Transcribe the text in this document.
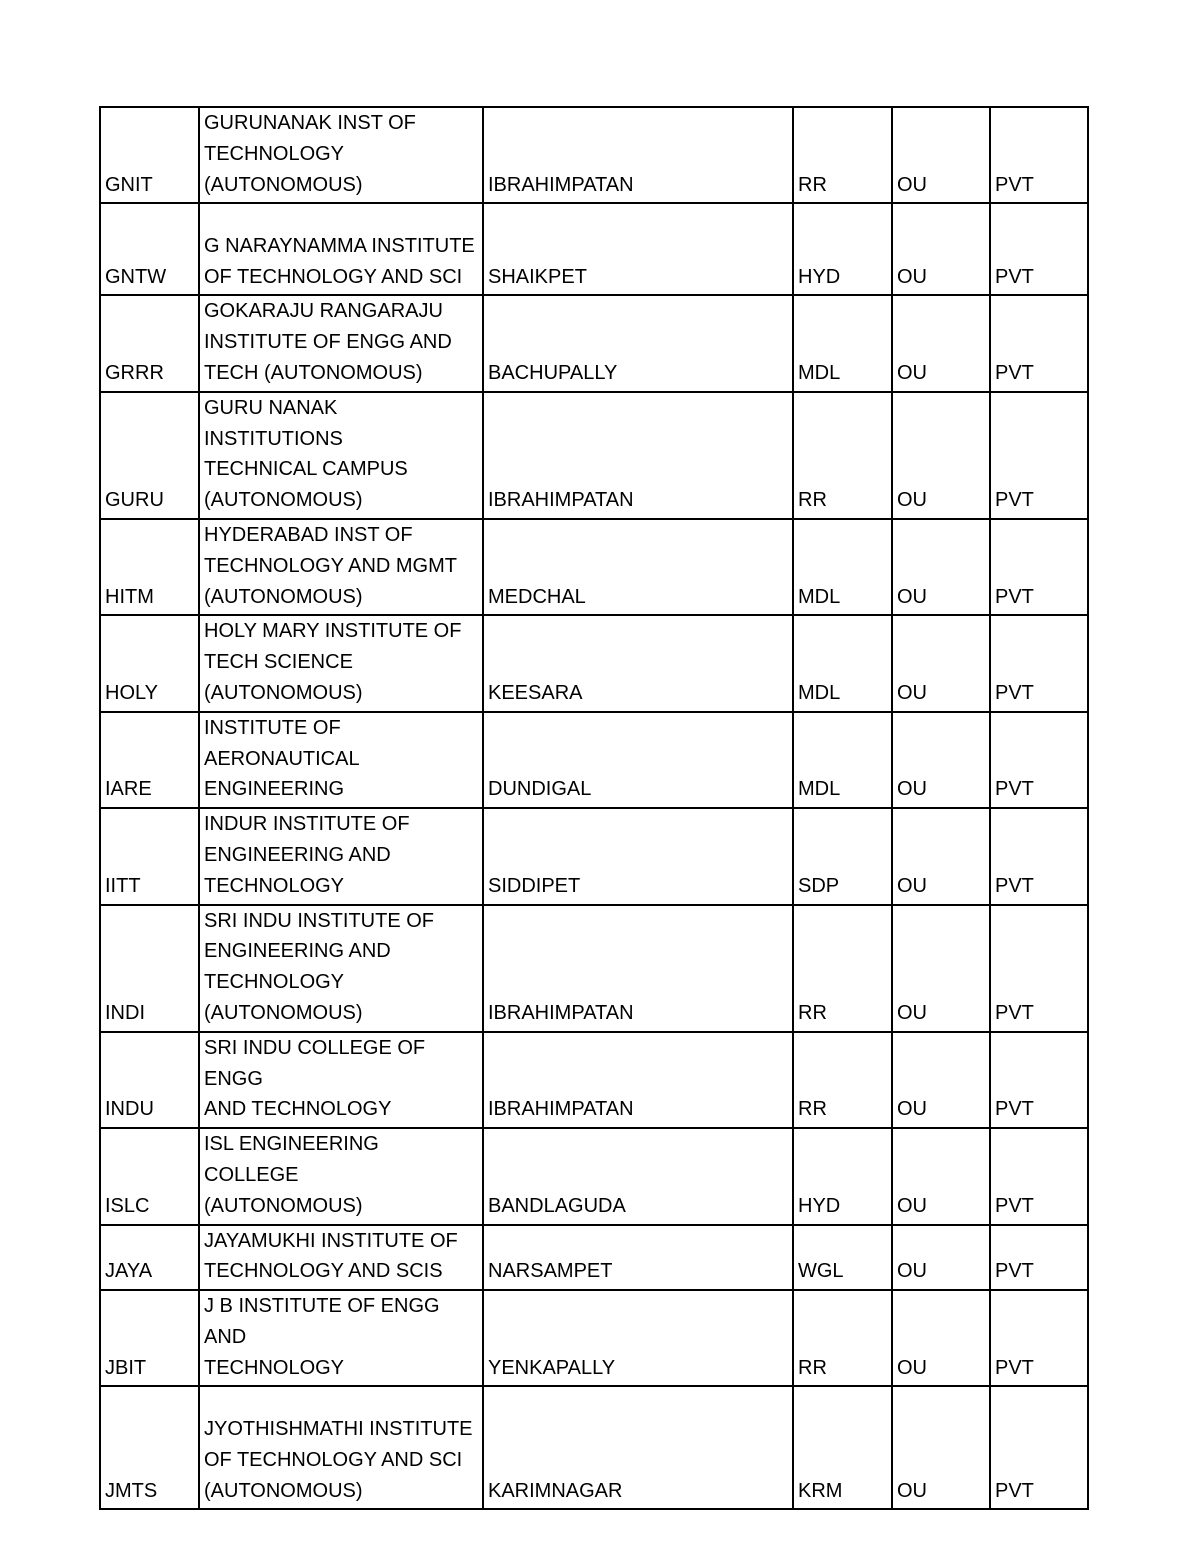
GNIT	GURUNANAK INST OF
TECHNOLOGY
(AUTONOMOUS)	IBRAHIMPATAN	RR	OU	PVT
GNTW	G NARAYNAMMA INSTITUTE
OF TECHNOLOGY AND SCI	SHAIKPET	HYD	OU	PVT
GRRR	GOKARAJU RANGARAJU
INSTITUTE OF ENGG AND
TECH (AUTONOMOUS)	BACHUPALLY	MDL	OU	PVT
GURU	GURU NANAK INSTITUTIONS
TECHNICAL CAMPUS
(AUTONOMOUS)	IBRAHIMPATAN	RR	OU	PVT
HITM	HYDERABAD INST OF
TECHNOLOGY AND MGMT
(AUTONOMOUS)	MEDCHAL	MDL	OU	PVT
HOLY	HOLY MARY INSTITUTE OF
TECH SCIENCE
(AUTONOMOUS)	KEESARA	MDL	OU	PVT
IARE	INSTITUTE OF
AERONAUTICAL
ENGINEERING	DUNDIGAL	MDL	OU	PVT
IITT	INDUR INSTITUTE OF
ENGINEERING AND
TECHNOLOGY	SIDDIPET	SDP	OU	PVT
INDI	SRI INDU INSTITUTE OF
ENGINEERING AND
TECHNOLOGY
(AUTONOMOUS)	IBRAHIMPATAN	RR	OU	PVT
INDU	SRI INDU COLLEGE OF ENGG
AND TECHNOLOGY	IBRAHIMPATAN	RR	OU	PVT
ISLC	ISL ENGINEERING COLLEGE
(AUTONOMOUS)	BANDLAGUDA	HYD	OU	PVT
JAYA	JAYAMUKHI INSTITUTE OF
TECHNOLOGY AND SCIS	NARSAMPET	WGL	OU	PVT
JBIT	J B INSTITUTE OF ENGG AND
TECHNOLOGY	YENKAPALLY	RR	OU	PVT
JMTS	JYOTHISHMATHI INSTITUTE
OF TECHNOLOGY AND SCI
(AUTONOMOUS)	KARIMNAGAR	KRM	OU	PVT
